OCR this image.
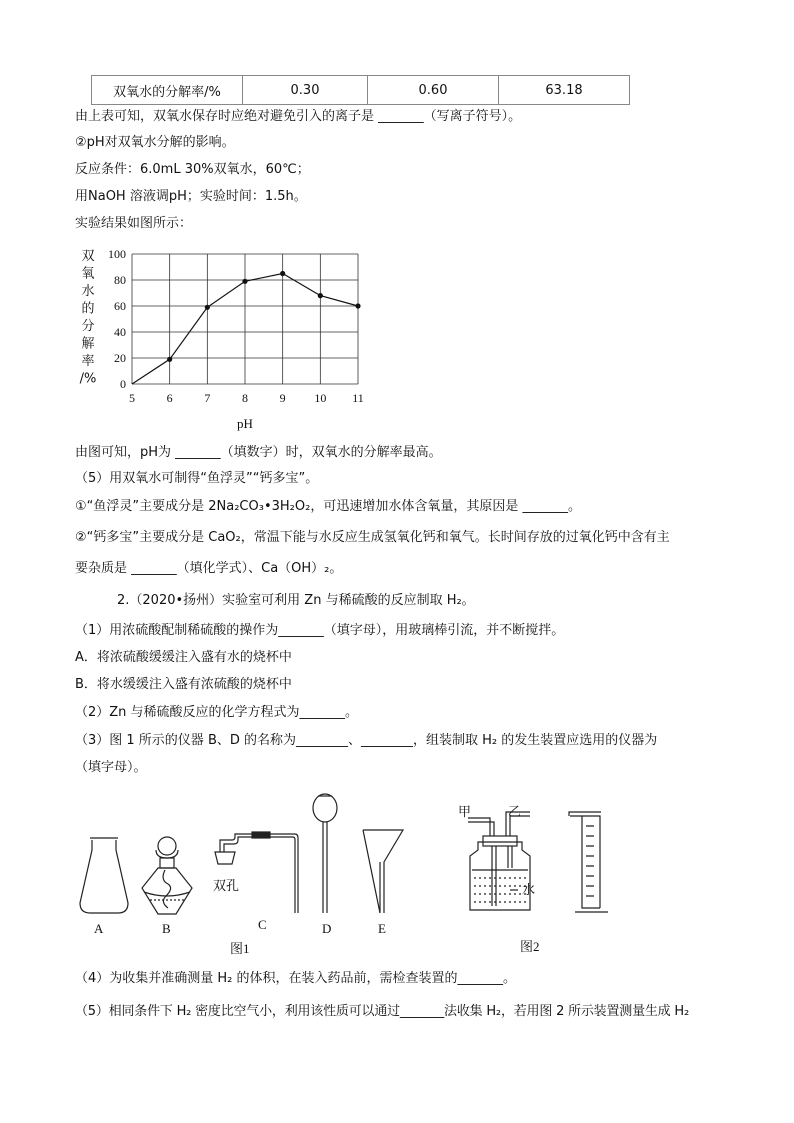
双氧水的分解率/%	0.30	0.60	63.18
由上表可知，双氧水保存时应绝对避免引入的离子是 _______（写离子符号）。
②pH对双氧水分解的影响。
反应条件：6.0mL 30%双氧水，60℃；
用NaOH 溶液调pH；实验时间：1.5h。
实验结果如图所示：
0
20
40
60
80
100
5	6	7	8	9 10 11
pH
双
氧
水
的
分
解
率
/%
由图可知，pH为 _______（填数字）时，双氧水的分解率最高。
（5）用双氧水可制得“鱼浮灵”“钙多宝”。
①“鱼浮灵”主要成分是 2Na₂CO₃•3H₂O₂，可迅速增加水体含氧量，其原因是 _______。
②“钙多宝”主要成分是 CaO₂，常温下能与水反应生成氢氧化钙和氧气。长时间存放的过氧化钙中含有主
要杂质是 _______（填化学式）、Ca（OH）₂。
2.（2020•扬州）实验室可利用 Zn 与稀硫酸的反应制取 H₂。
（1）用浓硫酸配制稀硫酸的操作为_______（填字母），用玻璃棒引流，并不断搅拌。
A．将浓硫酸缓缓注入盛有水的烧杯中
B．将水缓缓注入盛有浓硫酸的烧杯中
（2）Zn 与稀硫酸反应的化学方程式为_______。
（3）图 1 所示的仪器 B、D 的名称为________、________，组装制取 H₂ 的发生装置应选用的仪器为
（填字母）。
A	B	C	D	E
双孔
甲	乙
水
图1	图2
（4）为收集并准确测量 H₂ 的体积，在装入药品前，需检查装置的_______。
（5）相同条件下 H₂ 密度比空气小，利用该性质可以通过_______法收集 H₂，若用图 2 所示装置测量生成 H₂
